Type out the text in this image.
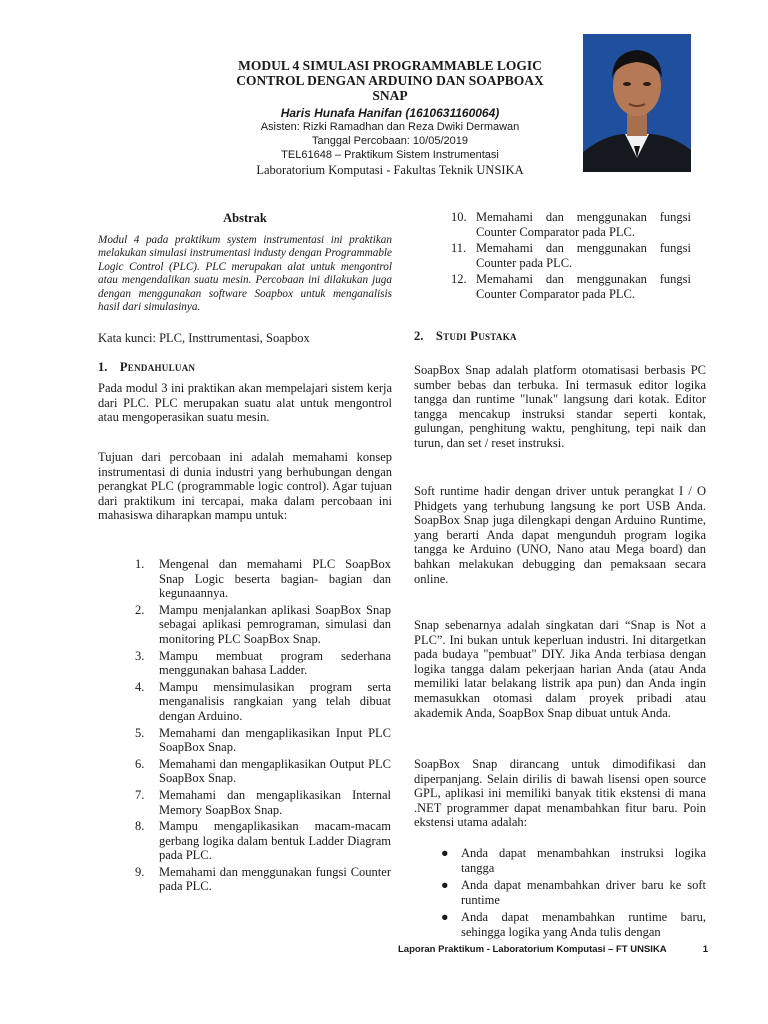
MODUL 4 SIMULASI PROGRAMMABLE LOGIC
CONTROL DENGAN ARDUINO DAN SOAPBOAX
SNAP
Haris Hunafa Hanifan (1610631160064)
Asisten: Rizki Ramadhan dan Reza Dwiki Dermawan
Tanggal Percobaan: 10/05/2019
TEL61648 – Praktikum Sistem Instrumentasi
Laboratorium Komputasi - Fakultas Teknik UNSIKA
Abstrak
Modul 4 pada praktikum system instrumentasi ini praktikan melakukan simulasi instrumentasi industy dengan Programmable Logic Control (PLC). PLC merupakan alat untuk mengontrol atau mengendalikan suatu mesin. Percobaan ini dilakukan juga dengan menggunakan software Soapbox untuk menganalisis hasil dari simulasinya.
Kata kunci: PLC, Insttrumentasi, Soapbox
1. Pendahuluan
Pada modul 3 ini praktikan akan mempelajari sistem kerja dari PLC. PLC merupakan suatu alat untuk mengontrol atau mengoperasikan suatu mesin.
Tujuan dari percobaan ini adalah memahami konsep instrumentasi di dunia industri yang berhubungan dengan perangkat PLC (programmable logic control). Agar tujuan dari praktikum ini tercapai, maka dalam percobaan ini mahasiswa diharapkan mampu untuk:
1. Mengenal dan memahami PLC SoapBox Snap Logic beserta bagian- bagian dan kegunaannya.
2. Mampu menjalankan aplikasi SoapBox Snap sebagai aplikasi pemrograman, simulasi dan monitoring PLC SoapBox Snap.
3. Mampu membuat program sederhana menggunakan bahasa Ladder.
4. Mampu mensimulasikan program serta menganalisis rangkaian yang telah dibuat dengan Arduino.
5. Memahami dan mengaplikasikan Input PLC SoapBox Snap.
6. Memahami dan mengaplikasikan Output PLC SoapBox Snap.
7. Memahami dan mengaplikasikan Internal Memory SoapBox Snap.
8. Mampu mengaplikasikan macam-macam gerbang logika dalam bentuk Ladder Diagram pada PLC.
9. Memahami dan menggunakan fungsi Counter pada PLC.
10. Memahami dan menggunakan fungsi Counter Comparator pada PLC.
11. Memahami dan menggunakan fungsi Counter pada PLC.
12. Memahami dan menggunakan fungsi Counter Comparator pada PLC.
2. Studi Pustaka
SoapBox Snap adalah platform otomatisasi berbasis PC sumber bebas dan terbuka. Ini termasuk editor logika tangga dan runtime "lunak" langsung dari kotak. Editor tangga mencakup instruksi standar seperti kontak, gulungan, penghitung waktu, penghitung, tepi naik dan turun, dan set / reset instruksi.
Soft runtime hadir dengan driver untuk perangkat I / O Phidgets yang terhubung langsung ke port USB Anda. SoapBox Snap juga dilengkapi dengan Arduino Runtime, yang berarti Anda dapat mengunduh program logika tangga ke Arduino (UNO, Nano atau Mega board) dan bahkan melakukan debugging dan pemaksaan secara online.
Snap sebenarnya adalah singkatan dari “Snap is Not a PLC”. Ini bukan untuk keperluan industri. Ini ditargetkan pada budaya "pembuat" DIY. Jika Anda terbiasa dengan logika tangga dalam pekerjaan harian Anda (atau Anda memiliki latar belakang listrik apa pun) dan Anda ingin memasukkan otomasi dalam proyek pribadi atau akademik Anda, SoapBox Snap dibuat untuk Anda.
SoapBox Snap dirancang untuk dimodifikasi dan diperpanjang. Selain dirilis di bawah lisensi open source GPL, aplikasi ini memiliki banyak titik ekstensi di mana .NET programmer dapat menambahkan fitur baru. Poin ekstensi utama adalah:
● Anda dapat menambahkan instruksi logika tangga
● Anda dapat menambahkan driver baru ke soft runtime
● Anda dapat menambahkan runtime baru, sehingga logika yang Anda tulis dengan
Laporan Praktikum - Laboratorium Komputasi – FT UNSIKA	1
